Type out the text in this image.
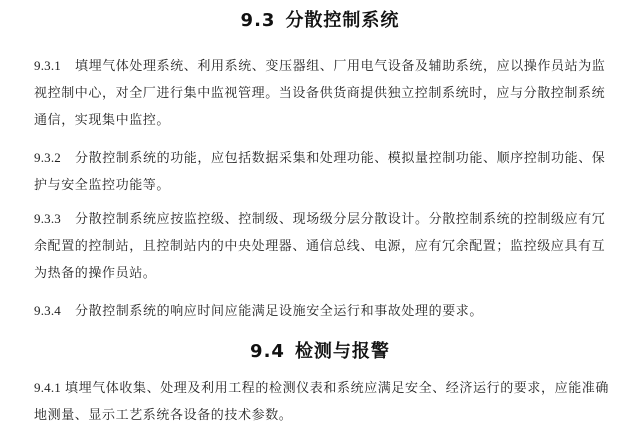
9.3 分散控制系统
9.3.1 填埋气体处理系统、利用系统、变压器组、厂用电气设备及辅助系统，应以操作员站为监视控制中心，对全厂进行集中监视管理。当设备供货商提供独立控制系统时，应与分散控制系统通信，实现集中监控。
9.3.2 分散控制系统的功能，应包括数据采集和处理功能、模拟量控制功能、顺序控制功能、保护与安全监控功能等。
9.3.3 分散控制系统应按监控级、控制级、现场级分层分散设计。分散控制系统的控制级应有冗余配置的控制站，且控制站内的中央处理器、通信总线、电源，应有冗余配置；监控级应具有互为热备的操作员站。
9.3.4 分散控制系统的响应时间应能满足设施安全运行和事故处理的要求。
9.4 检测与报警
9.4.1 填埋气体收集、处理及利用工程的检测仪表和系统应满足安全、经济运行的要求，应能准确地测量、显示工艺系统各设备的技术参数。
